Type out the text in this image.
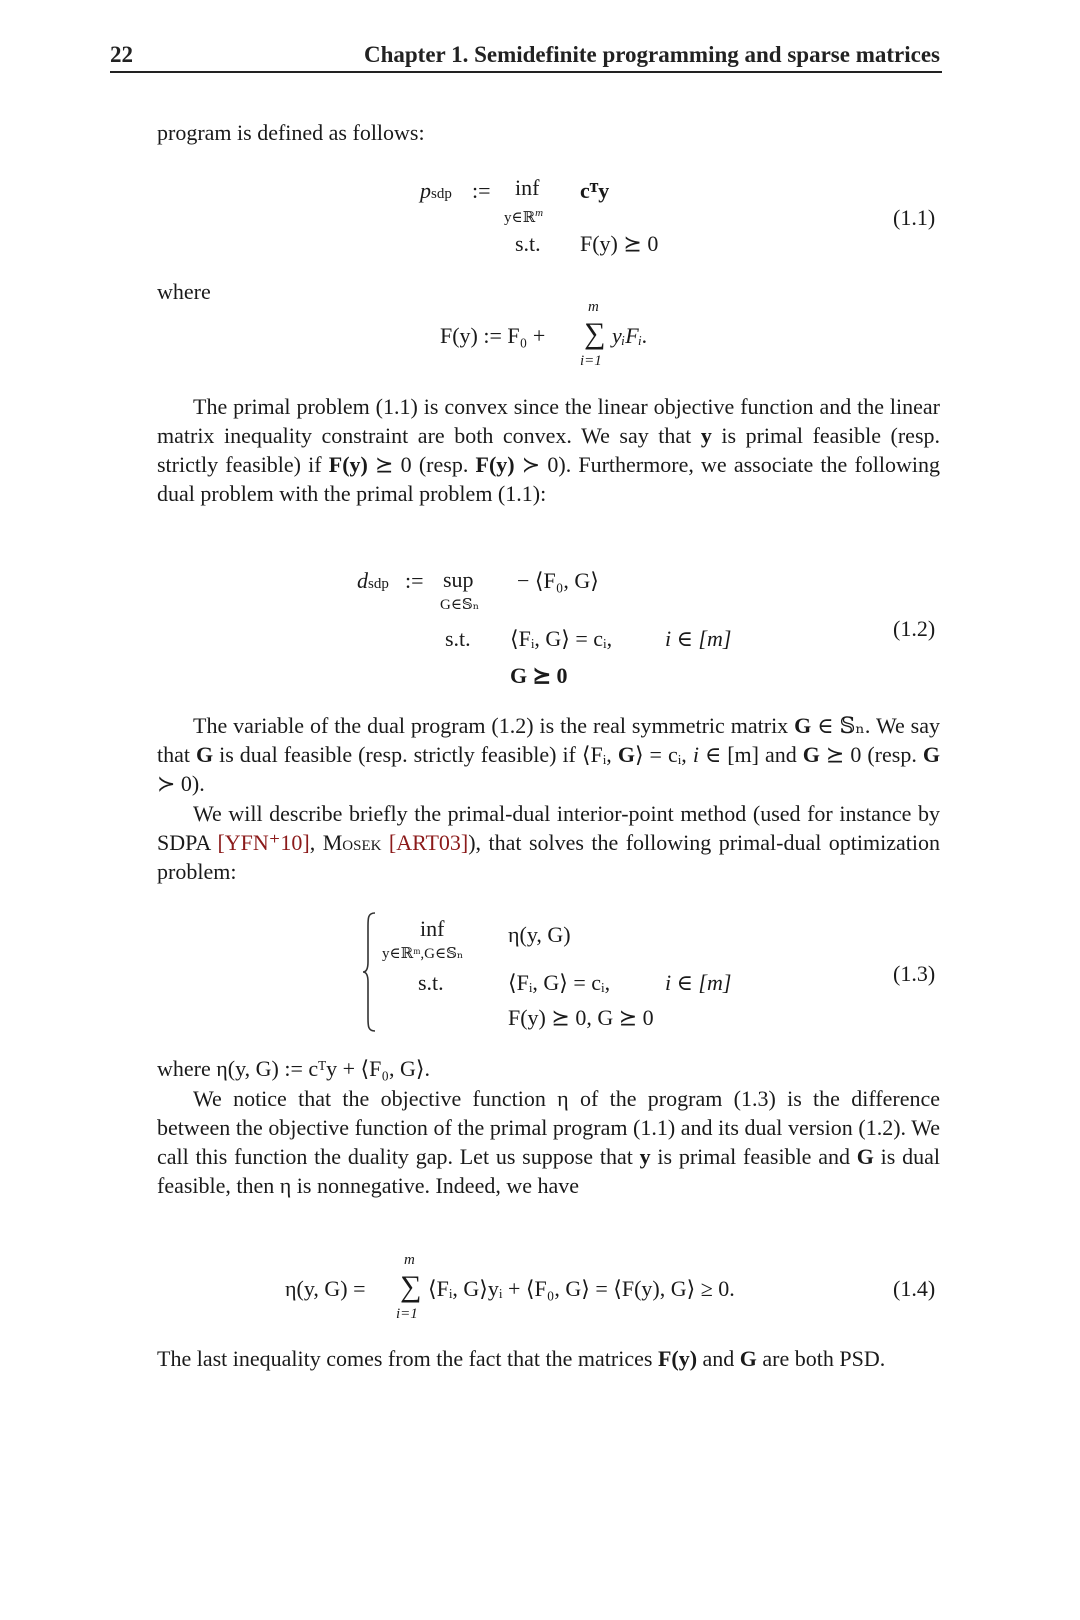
22	Chapter 1. Semidefinite programming and sparse matrices
program is defined as follows:
psdp := inf
y∈ℝ$^m$
cᵀy
s.t. F(y) ⪰ 0
(1.1)
where
F(y) := F₀ +
m
∑
i=1
yᵢFᵢ.
The primal problem (1.1) is convex since the linear objective function and the linear matrix inequality constraint are both convex. We say that y is primal feasible (resp. strictly feasible) if F(y) ⪰ 0 (resp. F(y) ≻ 0). Furthermore, we associate the following dual problem with the primal problem (1.1):
dsdp := sup
G∈𝕊ₙ
− ⟨F₀, G⟩
s.t. ⟨Fᵢ, G⟩ = cᵢ, i ∈ [m]
G ⪰ 0
(1.2)
The variable of the dual program (1.2) is the real symmetric matrix G ∈ 𝕊ₙ. We say that G is dual feasible (resp. strictly feasible) if ⟨Fᵢ, G⟩ = cᵢ, i ∈ [m] and G ⪰ 0 (resp. G ≻ 0).
We will describe briefly the primal-dual interior-point method (used for instance by SDPA [YFN⁺10], Mosek [ART03]), that solves the following primal-dual optimization problem:
inf
y∈ℝᵐ,G∈𝕊ₙ
η(y, G)
s.t.	⟨Fᵢ, G⟩ = cᵢ, i ∈ [m]
F(y) ⪰ 0, G ⪰ 0
(1.3)
where η(y, G) := cᵀy + ⟨F₀, G⟩.
We notice that the objective function η of the program (1.3) is the difference between the objective function of the primal program (1.1) and its dual version (1.2). We call this function the duality gap. Let us suppose that y is primal feasible and G is dual feasible, then η is nonnegative. Indeed, we have
η(y, G) =
m
∑
i=1
⟨Fᵢ, G⟩yᵢ + ⟨F₀, G⟩ = ⟨F(y), G⟩ ≥ 0.	(1.4)
The last inequality comes from the fact that the matrices F(y) and G are both PSD.
